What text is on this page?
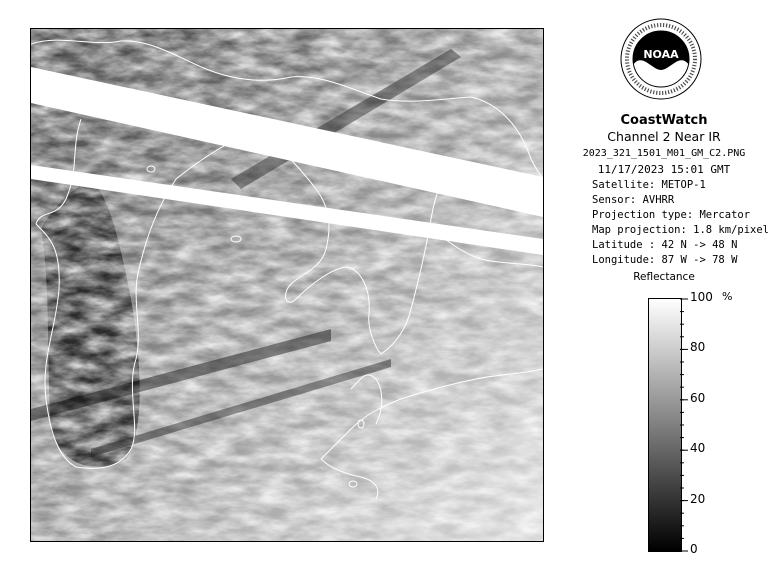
NOAA
CoastWatch
Channel 2 Near IR
2023_321_1501_M01_GM_C2.PNG
11/17/2023 15:01 GMT
Satellite: METOP-1
Sensor: AVHRR
Projection type: Mercator
Map projection: 1.8 km/pixel
Latitude : 42 N -> 48 N
Longitude: 87 W -> 78 W
Reflectance
%
100
80
60
40
20
0
